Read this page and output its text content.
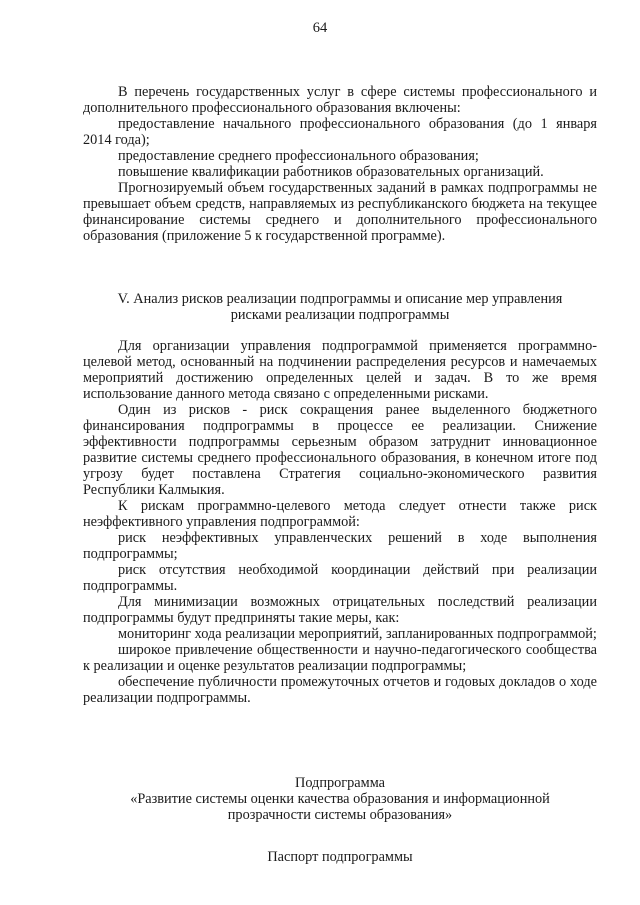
64

В перечень государственных услуг в сфере системы профессионального и дополнительного профессионального образования включены:

предоставление начального профессионального образования (до 1 января 2014 года);

предоставление среднего профессионального образования;

повышение квалификации работников образовательных организаций.

Прогнозируемый объем государственных заданий в рамках подпрограммы не превышает объем средств, направляемых из республиканского бюджета на текущее финансирование системы среднего и дополнительного профессионального образования (приложение 5 к государственной программе).

V. Анализ рисков реализации подпрограммы и описание мер управления
рисками реализации подпрограммы

Для организации управления подпрограммой применяется программно-целевой метод, основанный на подчинении распределения ресурсов и намечаемых мероприятий достижению определенных целей и задач. В то же время использование данного метода связано с определенными рисками.

Один из рисков - риск сокращения ранее выделенного бюджетного финансирования подпрограммы в процессе ее реализации. Снижение эффективности подпрограммы серьезным образом затруднит инновационное развитие системы среднего профессионального образования, в конечном итоге под угрозу будет поставлена Стратегия социально-экономического развития Республики Калмыкия.

К рискам программно-целевого метода следует отнести также риск неэффективного управления подпрограммой:

риск неэффективных управленческих решений в ходе выполнения подпрограммы;

риск отсутствия необходимой координации действий при реализации подпрограммы.

Для минимизации возможных отрицательных последствий реализации подпрограммы будут предприняты такие меры, как:

мониторинг хода реализации мероприятий, запланированных подпрограммой;

широкое привлечение общественности и научно-педагогического сообщества к реализации и оценке результатов реализации подпрограммы;

обеспечение публичности промежуточных отчетов и годовых докладов о ходе реализации подпрограммы.

Подпрограмма
«Развитие системы оценки качества образования и информационной
прозрачности системы образования»
Паспорт подпрограммы
